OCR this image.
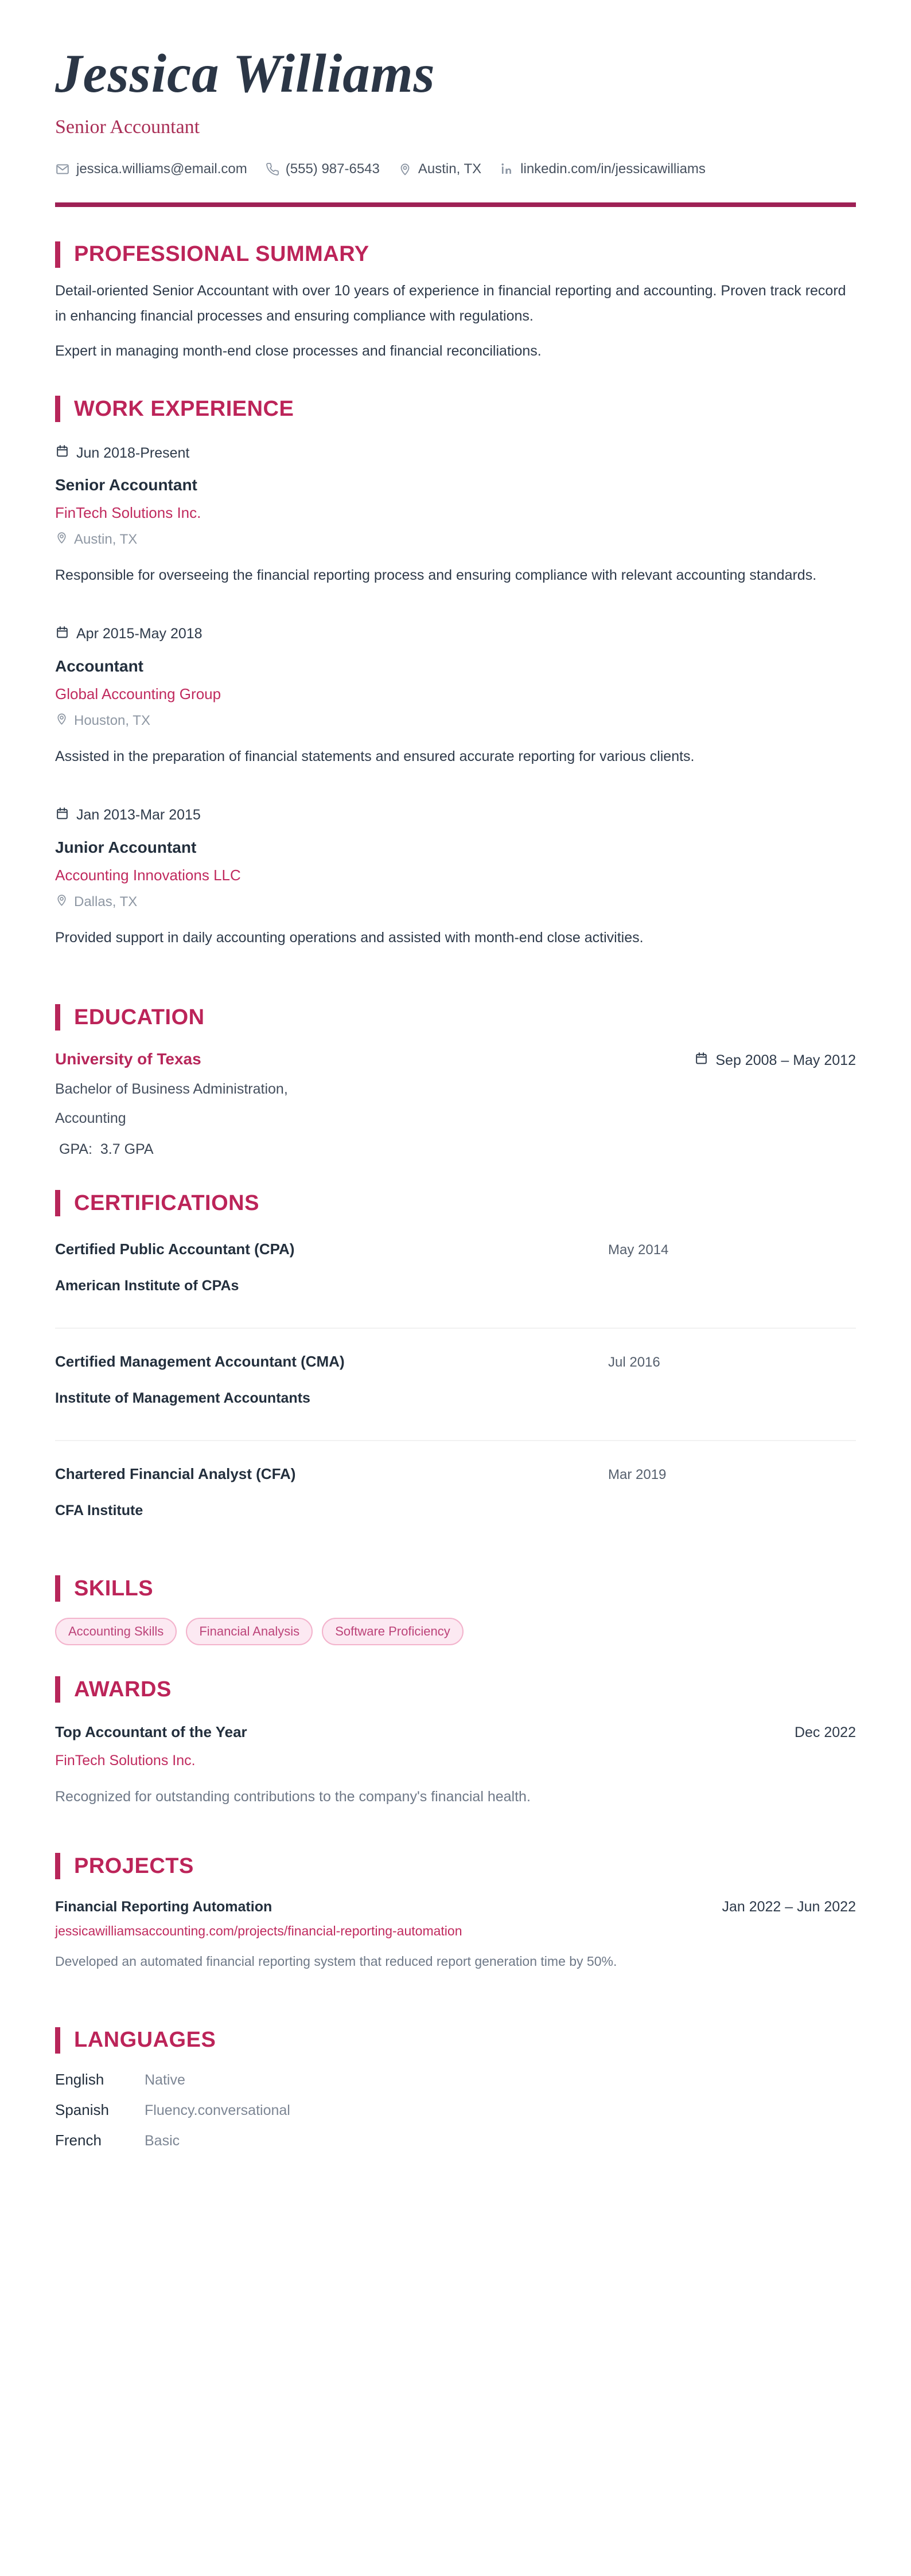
Jessica Williams
Senior Accountant
jessica.williams@email.com	(555) 987-6543	Austin, TX	linkedin.com/in/jessicawilliams
PROFESSIONAL SUMMARY

Detail-oriented Senior Accountant with over 10 years of experience in financial reporting and accounting. Proven track record in enhancing financial processes and ensuring compliance with regulations.

Expert in managing month-end close processes and financial reconciliations.

WORK EXPERIENCE
Jun 2018-Present
Senior Accountant
FinTech Solutions Inc.
Austin, TX

Responsible for overseeing the financial reporting process and ensuring compliance with relevant accounting standards.

Apr 2015-May 2018
Accountant
Global Accounting Group
Houston, TX

Assisted in the preparation of financial statements and ensured accurate reporting for various clients.

Jan 2013-Mar 2015
Junior Accountant
Accounting Innovations LLC
Dallas, TX

Provided support in daily accounting operations and assisted with month-end close activities.

EDUCATION
University of Texas
Bachelor of Business Administration,
Accounting
GPA: 3.7 GPA
Sep 2008 – May 2012
CERTIFICATIONS
Certified Public Accountant (CPA)
American Institute of CPAs
May 2014
Certified Management Accountant (CMA)
Institute of Management Accountants
Jul 2016
Chartered Financial Analyst (CFA)
CFA Institute
Mar 2019
SKILLS
Accounting Skills	Financial Analysis	Software Proficiency
AWARDS
Top Accountant of the Year	Dec 2022
FinTech Solutions Inc.

Recognized for outstanding contributions to the company's financial health.

PROJECTS
Financial Reporting Automation	Jan 2022 – Jun 2022
jessicawilliamsaccounting.com/projects/financial-reporting-automation

Developed an automated financial reporting system that reduced report generation time by 50%.

LANGUAGES
English	Native
Spanish	Fluency.conversational
French	Basic
